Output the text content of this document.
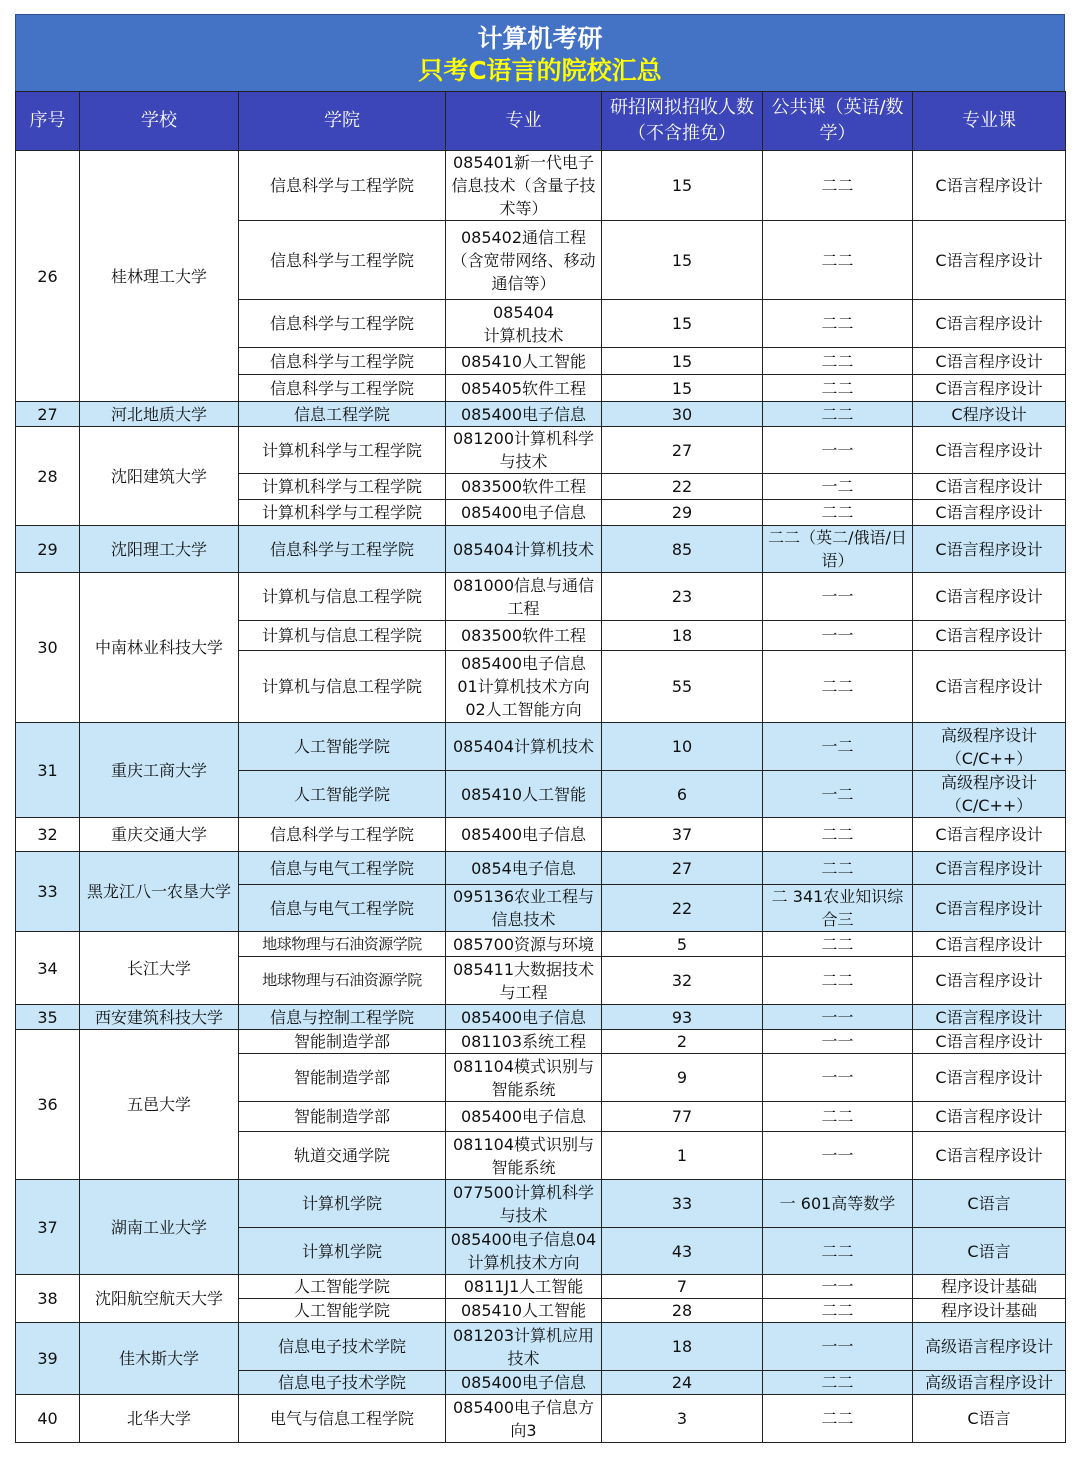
计算机考研
只考C语言的院校汇总
序号	学校	学院	专业	研招网拟招收人数（不含推免）	公共课（英语/数学）	专业课
26	桂林理工大学	信息科学与工程学院	085401新一代电子信息技术（含量子技术等）	15	二二	C语言程序设计
		信息科学与工程学院	085402通信工程（含宽带网络、移动通信等）	15	二二	C语言程序设计
		信息科学与工程学院	085404
计算机技术	15	二二	C语言程序设计
		信息科学与工程学院	085410人工智能	15	二二	C语言程序设计
		信息科学与工程学院	085405软件工程	15	二二	C语言程序设计
27	河北地质大学	信息工程学院	085400电子信息	30	二二	C程序设计
28	沈阳建筑大学	计算机科学与工程学院	081200计算机科学与技术	27	一一	C语言程序设计
		计算机科学与工程学院	083500软件工程	22	一二	C语言程序设计
		计算机科学与工程学院	085400电子信息	29	二二	C语言程序设计
29	沈阳理工大学	信息科学与工程学院	085404计算机技术	85	二二（英二/俄语/日语）	C语言程序设计
30	中南林业科技大学	计算机与信息工程学院	081000信息与通信工程	23	一一	C语言程序设计
		计算机与信息工程学院	083500软件工程	18	一一	C语言程序设计
		计算机与信息工程学院	085400电子信息
01计算机技术方向
02人工智能方向	55	二二	C语言程序设计
31	重庆工商大学	人工智能学院	085404计算机技术	10	一二	高级程序设计（C/C++）
		人工智能学院	085410人工智能	6	一二	高级程序设计（C/C++）
32	重庆交通大学	信息科学与工程学院	085400电子信息	37	二二	C语言程序设计
33	黑龙江八一农垦大学	信息与电气工程学院	0854电子信息	27	二二	C语言程序设计
		信息与电气工程学院	095136农业工程与信息技术	22	二 341农业知识综合三	C语言程序设计
34	长江大学	地球物理与石油资源学院	085700资源与环境	5	二二	C语言程序设计
		地球物理与石油资源学院	085411大数据技术与工程	32	二二	C语言程序设计
35	西安建筑科技大学	信息与控制工程学院	085400电子信息	93	一一	C语言程序设计
36	五邑大学	智能制造学部	081103系统工程	2	一一	C语言程序设计
		智能制造学部	081104模式识别与智能系统	9	一一	C语言程序设计
		智能制造学部	085400电子信息	77	二二	C语言程序设计
		轨道交通学院	081104模式识别与智能系统	1	一一	C语言程序设计
37	湖南工业大学	计算机学院	077500计算机科学与技术	33	一 601高等数学	C语言
		计算机学院	085400电子信息04计算机技术方向	43	二二	C语言
38	沈阳航空航天大学	人工智能学院	0811J1人工智能	7	一一	程序设计基础
		人工智能学院	085410人工智能	28	二二	程序设计基础
39	佳木斯大学	信息电子技术学院	081203计算机应用技术	18	一一	高级语言程序设计
		信息电子技术学院	085400电子信息	24	二二	高级语言程序设计
40	北华大学	电气与信息工程学院	085400电子信息方向3	3	二二	C语言
